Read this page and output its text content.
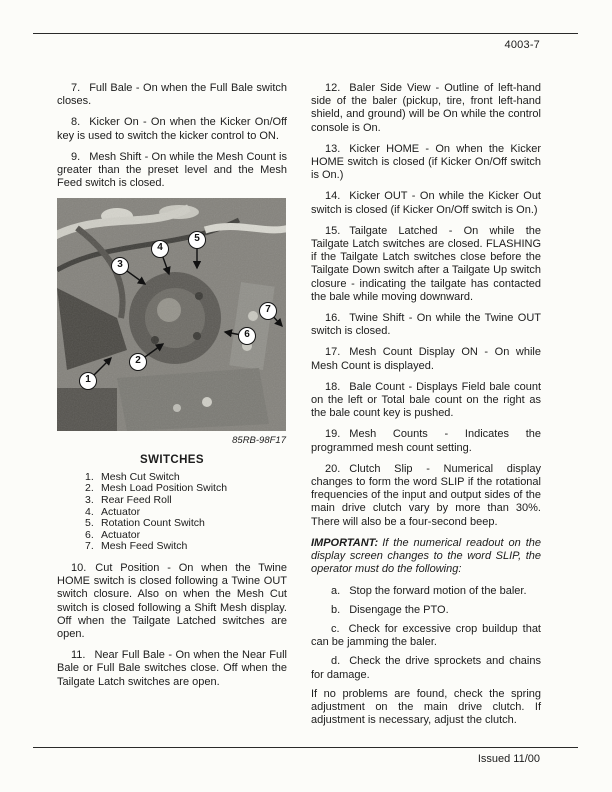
4003-7

7. Full Bale - On when the Full Bale switch closes.

8. Kicker On - On when the Kicker On/Off key is used to switch the kicker control to ON.

9. Mesh Shift - On while the Mesh Count is greater than the preset level and the Mesh Feed switch is closed.

1
2
3
4
5
6
7
85RB-98F17
SWITCHES
1. Mesh Cut Switch
2. Mesh Load Position Switch
3. Rear Feed Roll
4. Actuator
5. Rotation Count Switch
6. Actuator
7. Mesh Feed Switch

10. Cut Position - On when the Twine HOME switch is closed following a Twine OUT switch closure. Also on when the Mesh Cut switch is closed following a Shift Mesh display. Off when the Tailgate Latched switches are open.

11. Near Full Bale - On when the Near Full Bale or Full Bale switches close. Off when the Tailgate Latch switches are open.

12. Baler Side View - Outline of left-hand side of the baler (pickup, tire, front left-hand shield, and ground) will be On while the control console is On.

13. Kicker HOME - On when the Kicker HOME switch is closed (if Kicker On/Off switch is On.)

14. Kicker OUT - On while the Kicker Out switch is closed (if Kicker On/Off switch is On.)

15. Tailgate Latched - On while the Tailgate Latch switches are closed. FLASHING if the Tailgate Latch switches close before the Tailgate Down switch after a Tailgate Up switch closure - indicating the tailgate has contacted the bale while moving downward.

16. Twine Shift - On while the Twine OUT switch is closed.

17. Mesh Count Display ON - On while Mesh Count is displayed.

18. Bale Count - Displays Field bale count on the left or Total bale count on the right as the bale count key is pushed.

19. Mesh Counts - Indicates the programmed mesh count setting.

20. Clutch Slip - Numerical display changes to form the word SLIP if the rotational frequencies of the input and output sides of the main drive clutch vary by more than 30%. There will also be a four-second beep.

IMPORTANT: If the numerical readout on the display screen changes to the word SLIP, the operator must do the following:

a. Stop the forward motion of the baler.

b. Disengage the PTO.

c. Check for excessive crop buildup that can be jamming the baler.

d. Check the drive sprockets and chains for damage.

If no problems are found, check the spring adjustment on the main drive clutch. If adjustment is necessary, adjust the clutch.

Issued 11/00
